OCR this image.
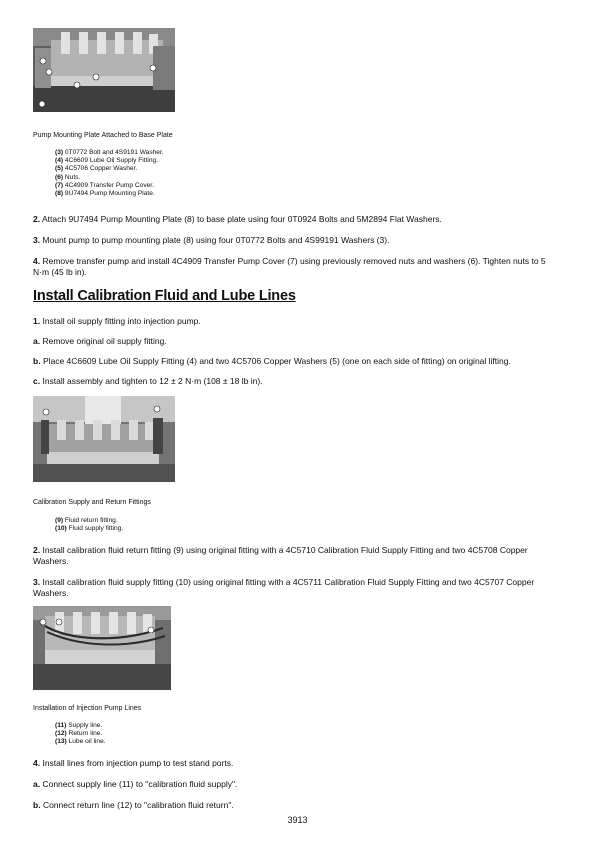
Pump Mounting Plate Attached to Base Plate

(3) 0T0772 Bolt and 4S9191 Washer.
(4) 4C6609 Lube Oil Supply Fitting.
(5) 4C5706 Copper Washer.
(6) Nuts.
(7) 4C4909 Transfer Pump Cover.
(8) 9U7494 Pump Mounting Plate.

2. Attach 9U7494 Pump Mounting Plate (8) to base plate using four 0T0924 Bolts and 5M2894 Flat Washers.

3. Mount pump to pump mounting plate (8) using four 0T0772 Bolts and 4S99191 Washers (3).

4. Remove transfer pump and install 4C4909 Transfer Pump Cover (7) using previously removed nuts and washers (6). Tighten nuts to 5 N·m (45 lb in).

Install Calibration Fluid and Lube Lines

1. Install oil supply fitting into injection pump.

a. Remove original oil supply fitting.

b. Place 4C6609 Lube Oil Supply Fitting (4) and two 4C5706 Copper Washers (5) (one on each side of fitting) on original lifting.

c. Install assembly and tighten to 12 ± 2 N·m (108 ± 18 lb in).

Calibration Supply and Return Fittings

(9) Fluid return fitting.
(10) Fluid supply fitting.

2. Install calibration fluid return fitting (9) using original fitting with a 4C5710 Calibration Fluid Supply Fitting and two 4C5708 Copper Washers.

3. Install calibration fluid supply fitting (10) using original fitting with a 4C5711 Calibration Fluid Supply Fitting and two 4C5707 Copper Washers.

Installation of Injection Pump Lines

(11) Supply line.
(12) Return line.
(13) Lube oil line.

4. Install lines from injection pump to test stand ports.

a. Connect supply line (11) to "calibration fluid supply".

b. Connect return line (12) to "calibration fluid return".

3913
